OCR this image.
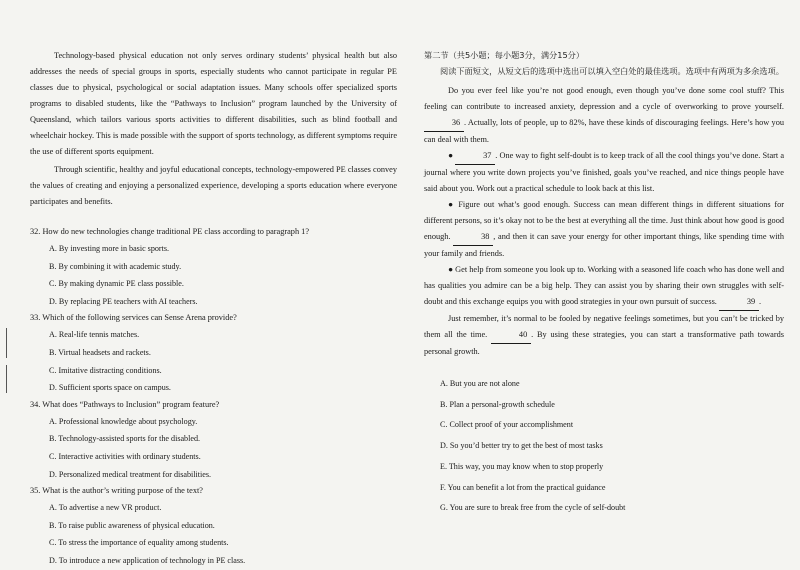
Technology-based physical education not only serves ordinary students’ physical health but also addresses the needs of special groups in sports, especially students who cannot participate in regular PE classes due to physical, psychological or social adaptation issues. Many schools offer specialized sports programs to disabled students, like the “Pathways to Inclusion” program launched by the University of Queensland, which tailors various sports activities to different disabilities, such as blind football and wheelchair hockey. This is made possible with the support of sports technology, as different symptoms require the use of different sports equipment.

Through scientific, healthy and joyful educational concepts, technology-empowered PE classes convey the values of creating and enjoying a personalized experience, developing a sports education where everyone participates and benefits.

32. How do new technologies change traditional PE class according to paragraph 1?

A. By investing more in basic sports.

B. By combining it with academic study.

C. By making dynamic PE class possible.

D. By replacing PE teachers with AI teachers.

33. Which of the following services can Sense Arena provide?

A. Real-life tennis matches.

B. Virtual headsets and rackets.

C. Imitative distracting conditions.

D. Sufficient sports space on campus.

34. What does “Pathways to Inclusion” program feature?

A. Professional knowledge about psychology.

B. Technology-assisted sports for the disabled.

C. Interactive activities with ordinary students.

D. Personalized medical treatment for disabilities.

35. What is the author’s writing purpose of the text?

A. To advertise a new VR product.

B. To raise public awareness of physical education.

C. To stress the importance of equality among students.

D. To introduce a new application of technology in PE class.

第二节（共5小题；每小题3分，满分15分）

阅读下面短文，从短文后的选项中选出可以填入空白处的最佳选项。选项中有两项为多余选项。

Do you ever feel like you’re not good enough, even though you’ve done some cool stuff? This feeling can contribute to increased anxiety, depression and a cycle of overworking to prove yourself. 36 . Actually, lots of people, up to 82%, have these kinds of discouraging feelings. Here’s how you can deal with them.

●	37 . One way to fight self-doubt is to keep track of all the cool things you’ve done. Start a journal where you write down projects you’ve finished, goals you’ve reached, and nice things people have said about you. Work out a practical schedule to look back at this list.

● Figure out what’s good enough. Success can mean different things in different situations for different persons, so it’s okay not to be the best at everything all the time. Just think about how good is good enough.	38 , and then it can save your energy for other important things, like spending time with your family and friends.

● Get help from someone you look up to. Working with a seasoned life coach who has done well and has qualities you admire can be a big help. They can assist you by sharing their own struggles with self-doubt and this exchange equips you with good strategies in your own pursuit of success.	39 .

Just remember, it’s normal to be fooled by negative feelings sometimes, but you can’t be tricked by them all the time.	40 . By using these strategies, you can start a transformative path towards personal growth.

A. But you are not alone

B. Plan a personal-growth schedule

C. Collect proof of your accomplishment

D. So you’d better try to get the best of most tasks

E. This way, you may know when to stop properly

F. You can benefit a lot from the practical guidance

G. You are sure to break free from the cycle of self-doubt
